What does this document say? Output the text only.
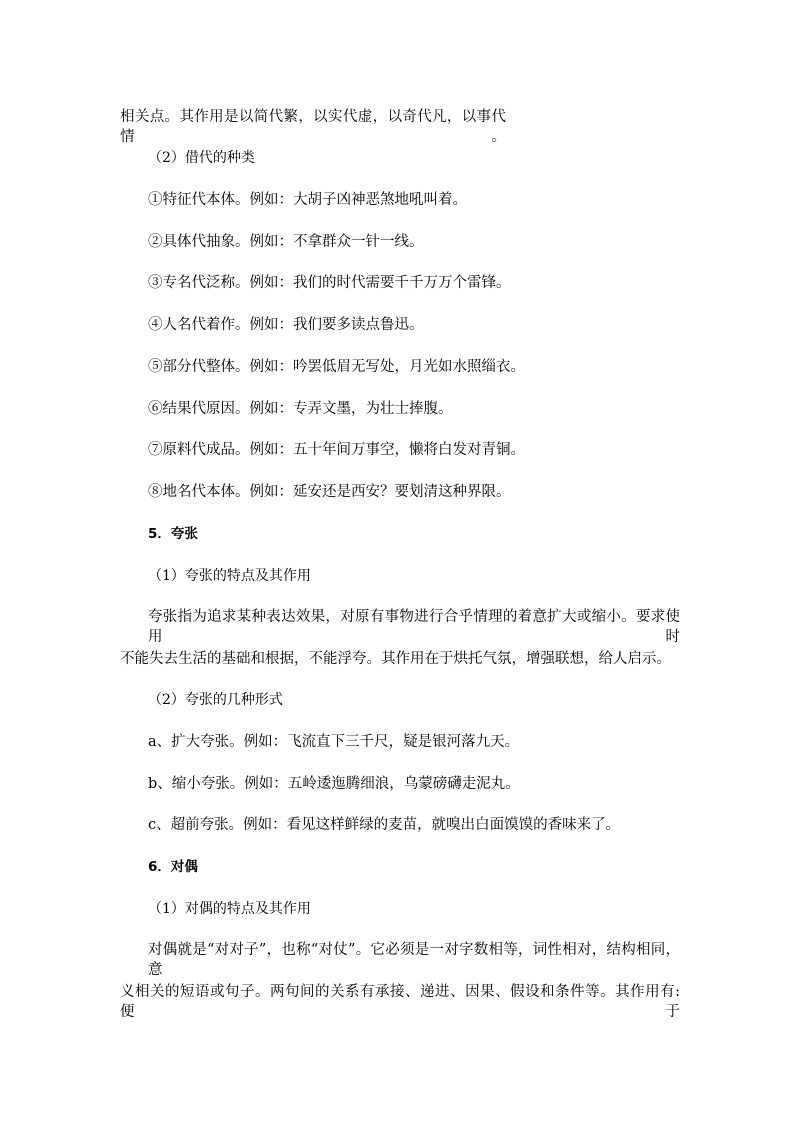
相关点。其作用是以简代繁，以实代虚，以奇代凡，以事代情。
（2）借代的种类
①特征代本体。例如：大胡子凶神恶煞地吼叫着。
②具体代抽象。例如：不拿群众一针一线。
③专名代泛称。例如：我们的时代需要千千万万个雷锋。
④人名代着作。例如：我们要多读点鲁迅。
⑤部分代整体。例如：吟罢低眉无写处，月光如水照缁衣。
⑥结果代原因。例如：专弄文墨，为壮士捧腹。
⑦原料代成品。例如：五十年间万事空，懒将白发对青铜。
⑧地名代本体。例如：延安还是西安？要划清这种界限。
5．夸张
（1）夸张的特点及其作用
夸张指为追求某种表达效果，对原有事物进行合乎情理的着意扩大或缩小。要求使用时
不能失去生活的基础和根据，不能浮夸。其作用在于烘托气氛，增强联想，给人启示。
（2）夸张的几种形式
a、扩大夸张。例如：飞流直下三千尺，疑是银河落九天。
b、缩小夸张。例如：五岭逶迤腾细浪，乌蒙磅礴走泥丸。
c、超前夸张。例如：看见这样鲜绿的麦苗，就嗅出白面馍馍的香味来了。
6．对偶
（1）对偶的特点及其作用
对偶就是“对对子”，也称“对仗”。它必须是一对字数相等，词性相对，结构相同，意
义相关的短语或句子。两句间的关系有承接、递进、因果、假设和条件等。其作用有: 便于
